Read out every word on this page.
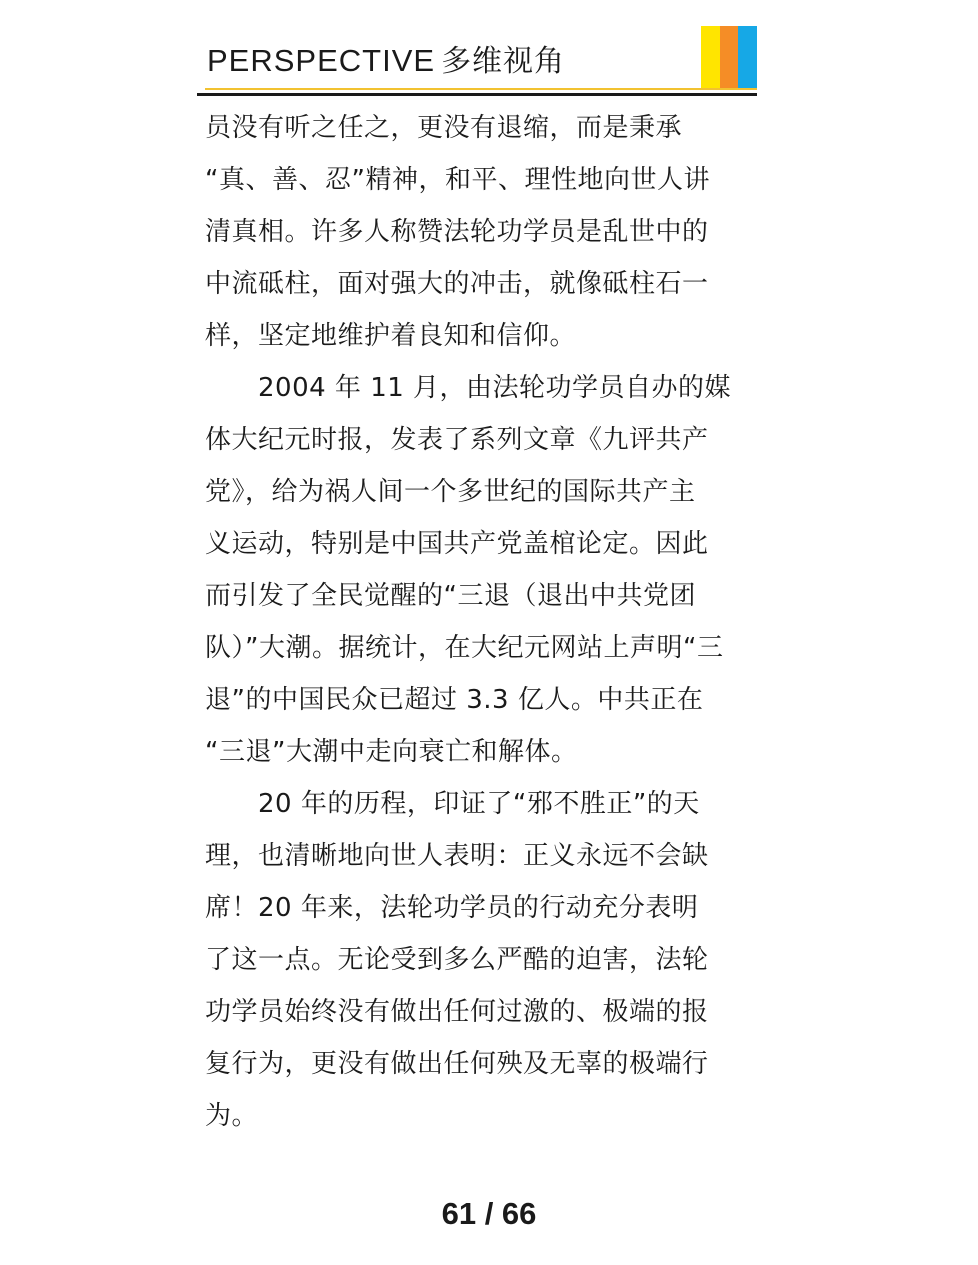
PERSPECTIVE 多维视角
员没有听之任之，更没有退缩，而是秉承
“真、善、忍”精神，和平、理性地向世人讲
清真相。许多人称赞法轮功学员是乱世中的
中流砥柱，面对强大的冲击，就像砥柱石一
样，坚定地维护着良知和信仰。
　　2004 年 11 月，由法轮功学员自办的媒
体大纪元时报，发表了系列文章《九评共产
党》，给为祸人间一个多世纪的国际共产主
义运动，特别是中国共产党盖棺论定。因此
而引发了全民觉醒的“三退（退出中共党团
队）”大潮。据统计，在大纪元网站上声明“三
退”的中国民众已超过 3.3 亿人。中共正在
“三退”大潮中走向衰亡和解体。
　　20 年的历程，印证了“邪不胜正”的天
理，也清晰地向世人表明：正义永远不会缺
席！20 年来，法轮功学员的行动充分表明
了这一点。无论受到多么严酷的迫害，法轮
功学员始终没有做出任何过激的、极端的报
复行为，更没有做出任何殃及无辜的极端行
为。
61 / 66
